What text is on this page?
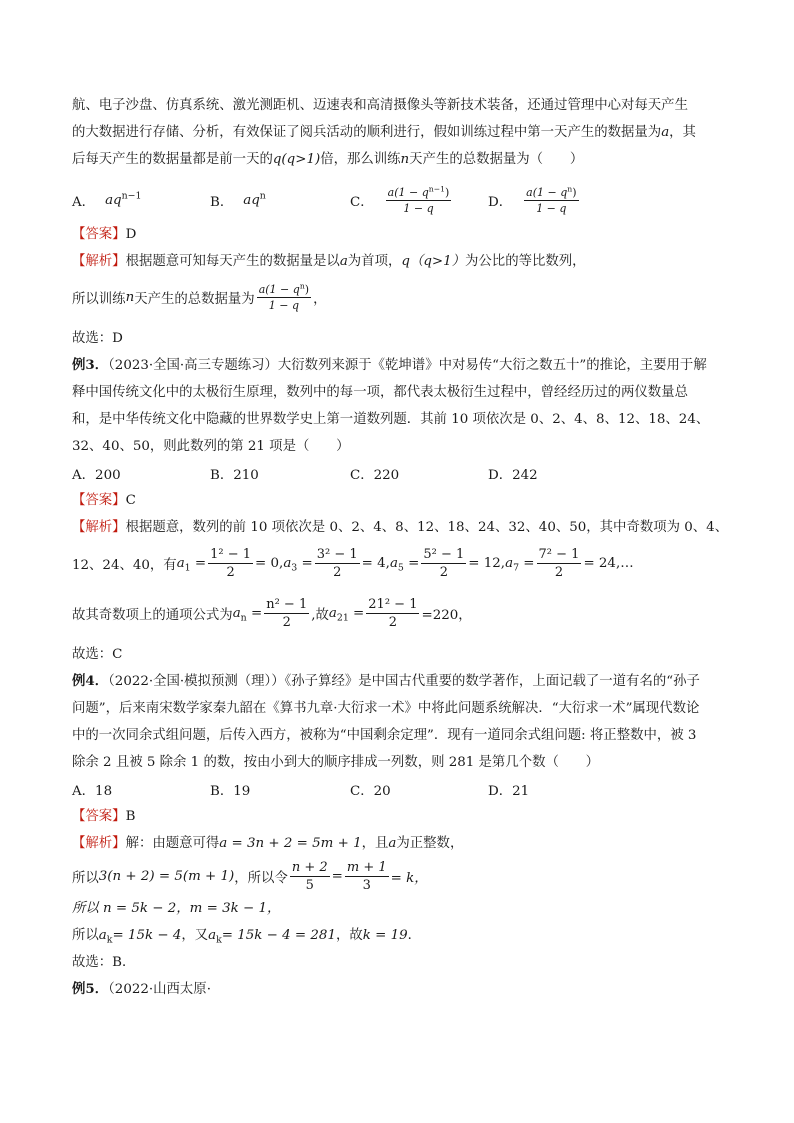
航、电子沙盘、仿真系统、激光测距机、迈速表和高清摄像头等新技术装备，还通过管理中心对每天产生

的大数据进行存储、分析，有效保证了阅兵活动的顺利进行，假如训练过程中第一天产生的数据量为a，其

后每天产生的数据量都是前一天的q(q>1)倍，那么训练n天产生的总数据量为（　　）

A． $aq^{n-1}$	B． $aq^n$	C． $\frac{a(1 - q^{n-1})}{1 - q}$	D． $\frac{a(1 - q^n)}{1 - q}$

【答案】D

【解析】根据题意可知每天产生的数据量是以a为首项，q（q>1）为公比的等比数列，

所以训练 n 天产生的总数据量为 $\frac{a(1 - q^n)}{1 - q}$ ，

故选：D

例3．（2023·全国·高三专题练习）大衍数列来源于《乾坤谱》中对易传“大衍之数五十”的推论，主要用于解

释中国传统文化中的太极衍生原理，数列中的每一项，都代表太极衍生过程中，曾经经历过的两仪数量总

和，是中华传统文化中隐藏的世界数学史上第一道数列题．其前 10 项依次是 0、2、4、8、12、18、24、

32、40、50，则此数列的第 21 项是（　　）

A．200	B．210	C．220	D．242

【答案】C

【解析】根据题意，数列的前 10 项依次是 0、2、4、8、12、18、24、32、40、50，其中奇数项为 0、4、

12、24、40，有 $a_1 = \frac{\text{1² − 1}}{2} = 0$, $a_3 = \frac{\text{3² − 1}}{2} = 4$, $a_5 = \frac{\text{5² − 1}}{2} = 12$, $a_7 = \frac{\text{7² − 1}}{2}$ = 24,…
故其奇数项上的通项公式为 $a_n = \frac{\text{n² − 1}}{2}$ ,故 $a_{21} = \frac{\text{21² − 1}}{2} =220$，

故选：C

例4．（2022·全国·模拟预测（理））《孙子算经》是中国古代重要的数学著作，上面记载了一道有名的“孙子

问题”，后来南宋数学家秦九韶在《算书九章·大衍求一术》中将此问题系统解决．“大衍求一术”属现代数论

中的一次同余式组问题，后传入西方，被称为“中国剩余定理”．现有一道同余式组问题: 将正整数中，被 3

除余 2 且被 5 除余 1 的数，按由小到大的顺序排成一列数，则 281 是第几个数（　　）

A．18	B．19	C．20	D．21

【答案】B

【解析】解：由题意可得a = 3n + 2 = 5m + 1，且a为正整数，

所以 3(n + 2) = 5(m + 1) ，所以令 $\frac{n + 2}{5} = \frac{m + 1}{3} = k$，

所以 n = 5k − 2，m = 3k − 1，

所以$a_k= 15k - 4$，又$a_k= 15k - 4 = 281$，故k = 19．

故选：B．

例5．（2022·山西太原·
